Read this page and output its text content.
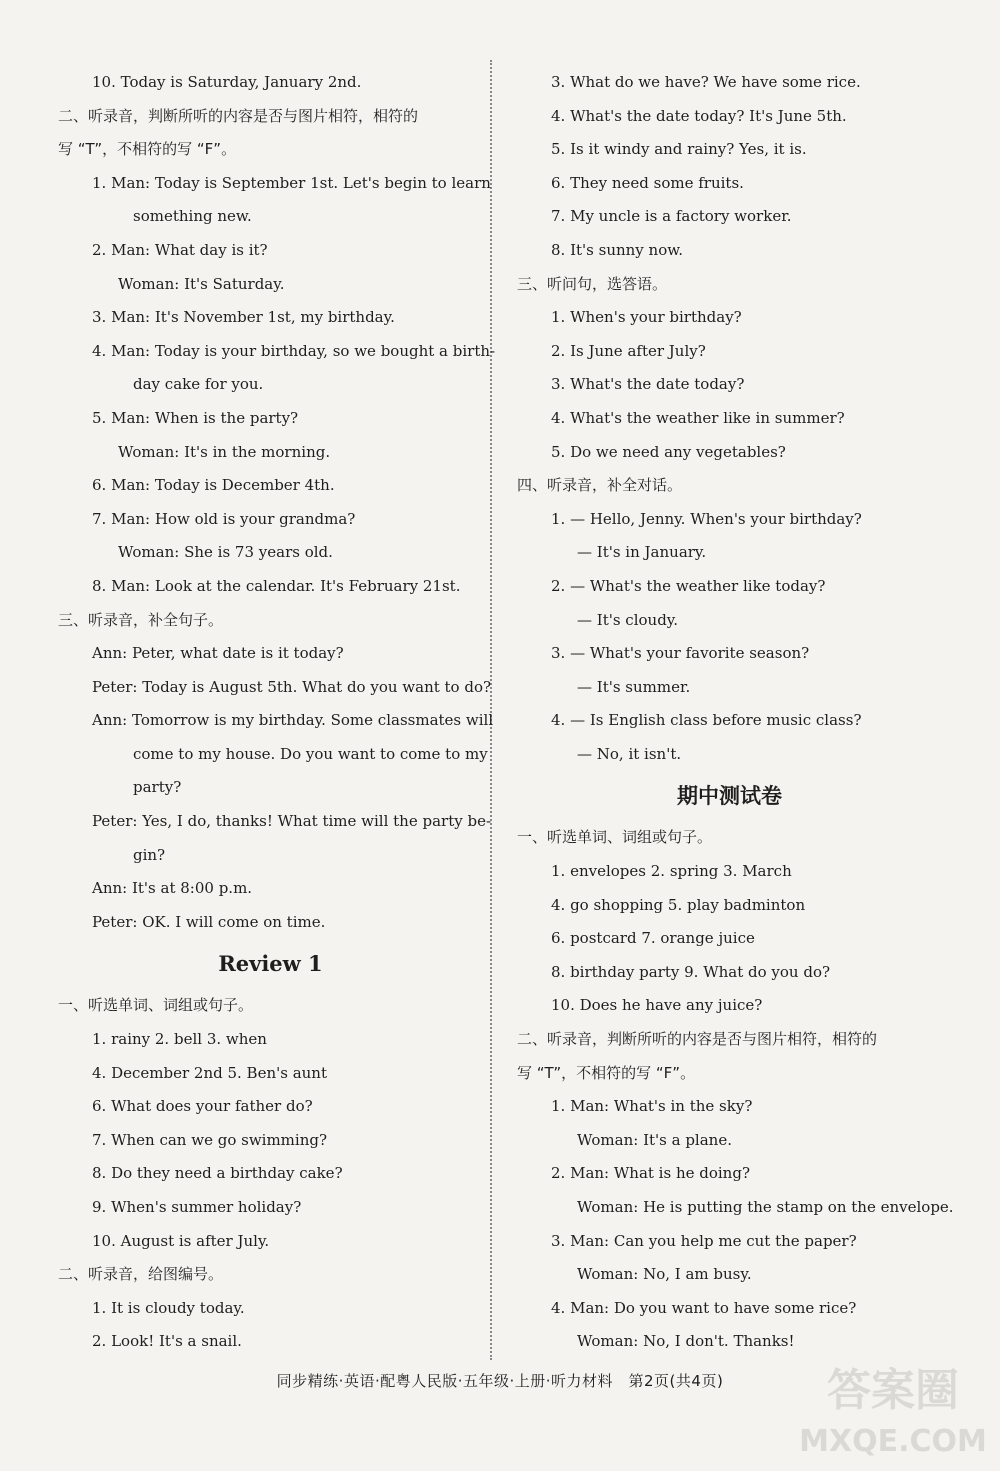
10. Today is Saturday, January 2nd.
二、听录音，判断所听的内容是否与图片相符，相符的
写 “T”，不相符的写 “F”。
1. Man: Today is September 1st. Let's begin to learn
something new.
2. Man: What day is it?
Woman: It's Saturday.
3. Man: It's November 1st, my birthday.
4. Man: Today is your birthday, so we bought a birth-
day cake for you.
5. Man: When is the party?
Woman: It's in the morning.
6. Man: Today is December 4th.
7. Man: How old is your grandma?
Woman: She is 73 years old.
8. Man: Look at the calendar. It's February 21st.
三、听录音，补全句子。
Ann: Peter, what date is it today?
Peter: Today is August 5th. What do you want to do?
Ann: Tomorrow is my birthday. Some classmates will
come to my house. Do you want to come to my
party?
Peter: Yes, I do, thanks! What time will the party be-
gin?
Ann: It's at 8:00 p.m.
Peter: OK. I will come on time.
Review 1
一、听选单词、词组或句子。
1. rainy 2. bell 3. when
4. December 2nd 5. Ben's aunt
6. What does your father do?
7. When can we go swimming?
8. Do they need a birthday cake?
9. When's summer holiday?
10. August is after July.
二、听录音，给图编号。
1. It is cloudy today.
2. Look! It's a snail.
3. What do we have? We have some rice.
4. What's the date today? It's June 5th.
5. Is it windy and rainy? Yes, it is.
6. They need some fruits.
7. My uncle is a factory worker.
8. It's sunny now.
三、听问句，选答语。
1. When's your birthday?
2. Is June after July?
3. What's the date today?
4. What's the weather like in summer?
5. Do we need any vegetables?
四、听录音，补全对话。
1. — Hello, Jenny. When's your birthday?
— It's in January.
2. — What's the weather like today?
— It's cloudy.
3. — What's your favorite season?
— It's summer.
4. — Is English class before music class?
— No, it isn't.
期中测试卷
一、听选单词、词组或句子。
1. envelopes 2. spring 3. March
4. go shopping 5. play badminton
6. postcard 7. orange juice
8. birthday party 9. What do you do?
10. Does he have any juice?
二、听录音，判断所听的内容是否与图片相符，相符的
写 “T”，不相符的写 “F”。
1. Man: What's in the sky?
Woman: It's a plane.
2. Man: What is he doing?
Woman: He is putting the stamp on the envelope.
3. Man: Can you help me cut the paper?
Woman: No, I am busy.
4. Man: Do you want to have some rice?
Woman: No, I don't. Thanks!
同步精练·英语·配粤人民版·五年级·上册·听力材料　第2页(共4页)	答案圈
MXQE.COM
